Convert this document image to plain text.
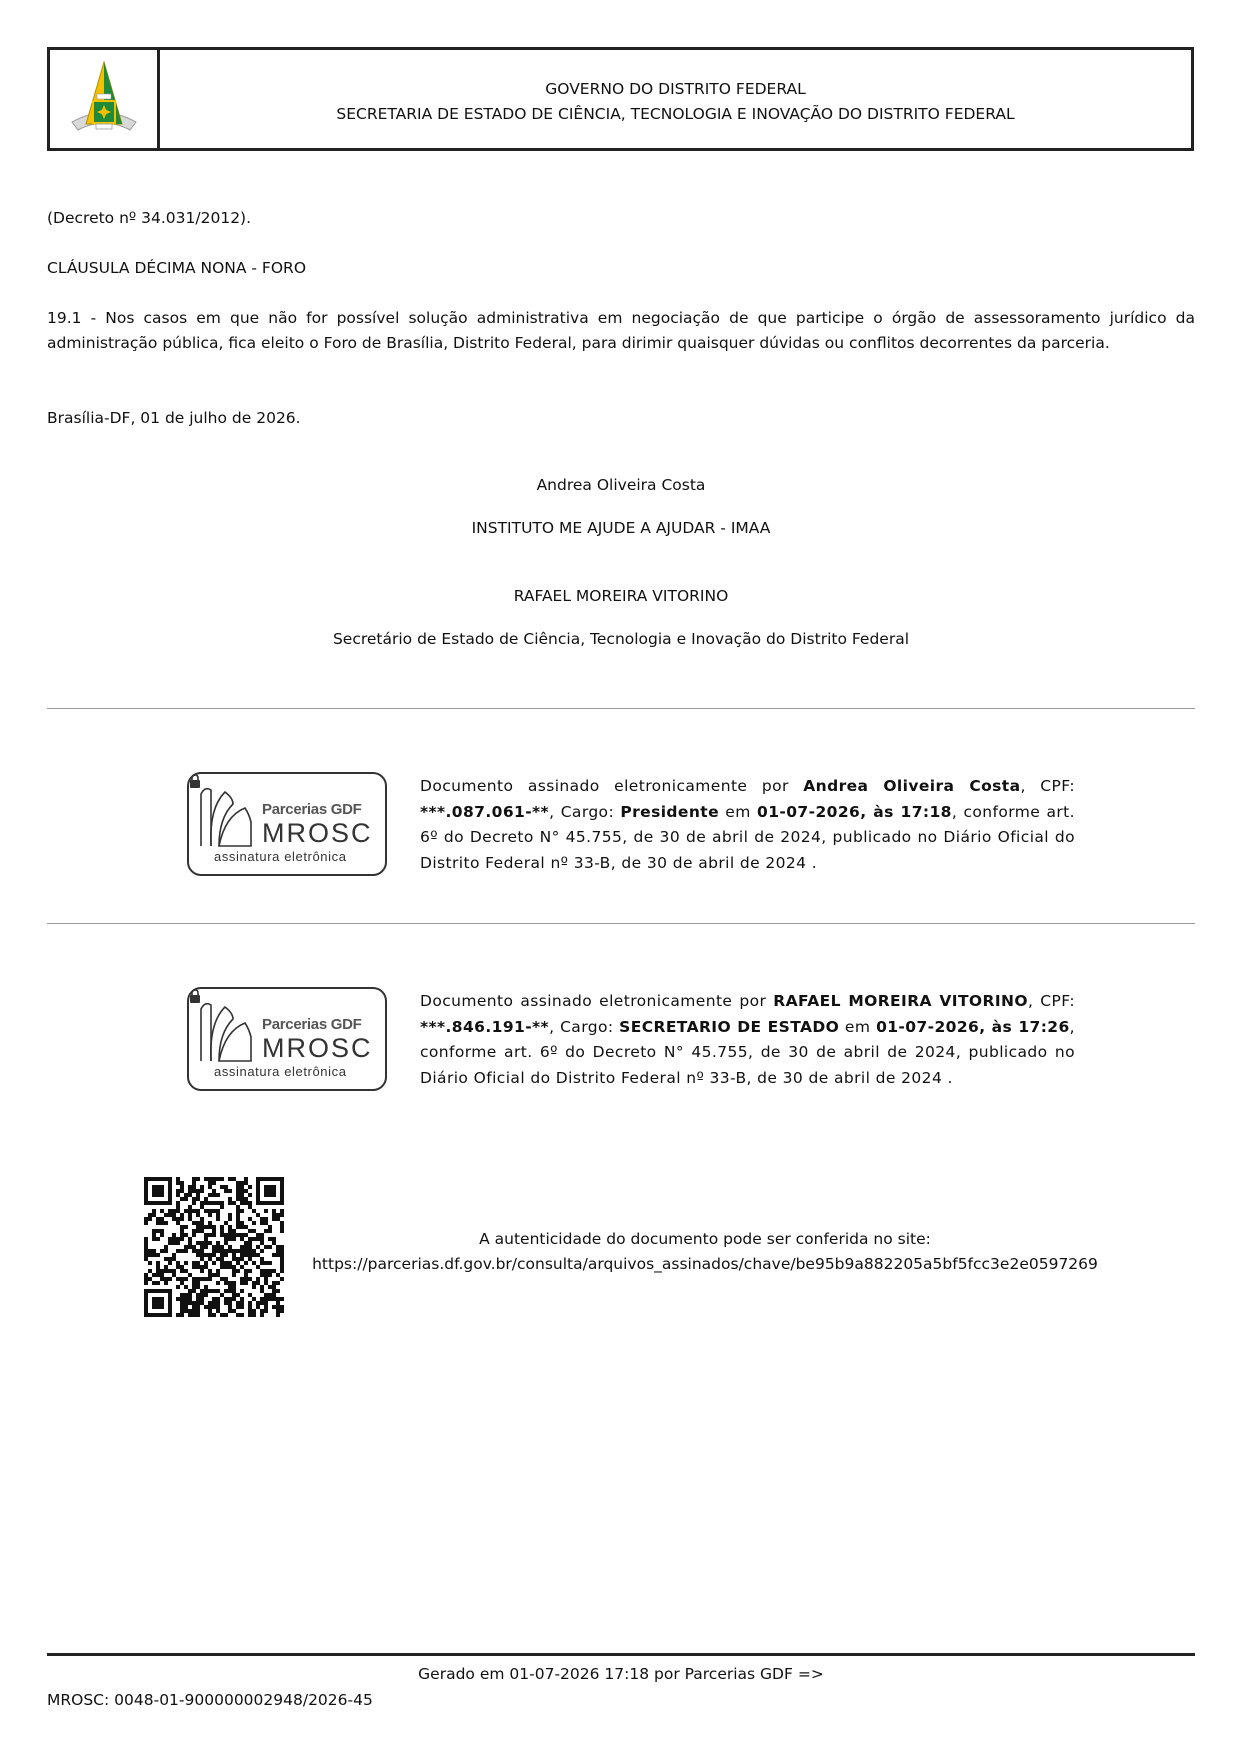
GOVERNO DO DISTRITO FEDERAL
SECRETARIA DE ESTADO DE CIÊNCIA, TECNOLOGIA E INOVAÇÃO DO DISTRITO FEDERAL
(Decreto nº 34.031/2012).
CLÁUSULA DÉCIMA NONA - FORO
19.1 - Nos casos em que não for possível solução administrativa em negociação de que participe o órgão de assessoramento jurídico da administração pública, fica eleito o Foro de Brasília, Distrito Federal, para dirimir quaisquer dúvidas ou conflitos decorrentes da parceria.
Brasília-DF, 01 de julho de 2026.
Andrea Oliveira Costa
INSTITUTO ME AJUDE A AJUDAR - IMAA
RAFAEL MOREIRA VITORINO
Secretário de Estado de Ciência, Tecnologia e Inovação do Distrito Federal
Parcerias GDF
MROSC
assinatura eletrônica
Documento assinado eletronicamente por Andrea Oliveira Costa, CPF: ***.087.061-**, Cargo: Presidente em 01-07-2026, às 17:18, conforme art. 6º do Decreto N° 45.755, de 30 de abril de 2024, publicado no Diário Oficial do Distrito Federal nº 33-B, de 30 de abril de 2024 .
Parcerias GDF
MROSC
assinatura eletrônica
Documento assinado eletronicamente por RAFAEL MOREIRA VITORINO, CPF: ***.846.191-**, Cargo: SECRETARIO DE ESTADO em 01-07-2026, às 17:26, conforme art. 6º do Decreto N° 45.755, de 30 de abril de 2024, publicado no Diário Oficial do Distrito Federal nº 33-B, de 30 de abril de 2024 .
A autenticidade do documento pode ser conferida no site:
https://parcerias.df.gov.br/consulta/arquivos_assinados/chave/be95b9a882205a5bf5fcc3e2e0597269
Gerado em 01-07-2026 17:18 por Parcerias GDF =>
MROSC: 0048-01-900000002948/2026-45
